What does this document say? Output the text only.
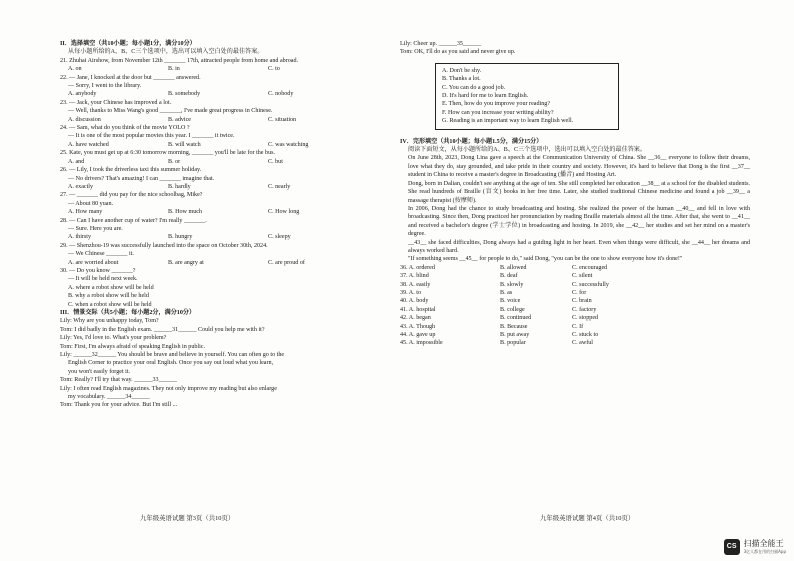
II．选择填空（共10小题；每小题1分，满分10分）
从每小题所给的A、B、C三个选项中，选出可以填入空白处的最佳答案。
21. Zhuhai Airshow, from November 12th _______ 17th, attracted people from home and abroad.
A. on	B. in	C. to
22. — Jane, I knocked at the door but _______ answered.
— Sorry, I went to the library.
A. anybody	B. somebody	C. nobody
23. — Jack, your Chinese has improved a lot.
— Well, thanks to Miss Wang's good _______, I've made great progress in Chinese.
A. discussion	B. advice	C. situation
24. — Sam, what do you think of the movie YOLO ?
— It is one of the most popular movies this year. I _______ it twice.
A. have watched	B. will watch	C. was watching
25. Kate, you must get up at 6:30 tomorrow morning, _______ you'll be late for the bus.
A. and	B. or	C. but
26. — Lily, I took the driverless taxi this summer holiday.
— No drivers? That's amazing! I can _______ imagine that.
A. exactly	B. hardly	C. nearly
27. — _______ did you pay for the nice schoolbag, Mike?
— About 80 yuan.
A. How many	B. How much	C. How long
28. — Can I have another cup of water? I'm really _______.
— Sure. Here you are.
A. thirsty	B. hungry	C. sleepy
29. — Shenzhou-19 was successfully launched into the space on October 30th, 2024.
— We Chinese _______ it.
A. are worried about	B. are angry at	C. are proud of
30. — Do you know _______?
— It will be held next week.
A. where a robot show will be held
B. why a robot show will be held
C. when a robot show will be held
III．情景交际（共5小题；每小题2分，满分10分）
Lily: Why are you unhappy today, Tom?
Tom: I did badly in the English exam. ______31______ Could you help me with it?
Lily: Yes, I'd love to. What's your problem?
Tom: First, I'm always afraid of speaking English in public.
Lily: ______32______ You should be brave and believe in yourself. You can often go to the
English Corner to practice your oral English. Once you say out loud what you learn,
you won't easily forget it.
Tom: Really? I'll try that way. ______33______
Lily: I often read English magazines. They not only improve my reading but also enlarge
my vocabulary. ______34______
Tom: Thank you for your advice. But I'm still ...
九年级英语试题 第3页（共10页）
Lily: Cheer up. ______35______
Tom: OK, I'll do as you said and never give up.
A. Don't be shy.
B. Thanks a lot.
C. You can do a good job.
D. It's hard for me to learn English.
E. Then, how do you improve your reading?
F. How can you increase your writing ability?
G. Reading is an important way to learn English well.
IV．完形填空（共10小题；每小题1.5分，满分15分）
阅读下面短文，从每小题所给的A、B、C三个选项中，选出可以填入空白处的最佳答案。
On June 28th, 2023, Dong Lina gave a speech at the Communication University of China. She __36__ everyone to follow their dreams, love what they do, stay grounded, and take pride in their country and society. However, it's hard to believe that Dong is the first __37__ student in China to receive a master's degree in Broadcasting (播音) and Hosting Art.
Dong, born in Dalian, couldn't see anything at the age of ten. She still completed her education __38__ at a school for the disabled students. She read hundreds of Braille (盲文) books in her free time. Later, she studied traditional Chinese medicine and found a job __39__ a massage therapist (按摩师).
In 2006, Dong had the chance to study broadcasting and hosting. She realized the power of the human __40__ and fell in love with broadcasting. Since then, Dong practiced her pronunciation by reading Braille materials almost all the time. After that, she went to __41__ and received a bachelor's degree (学士学位) in broadcasting and hosting. In 2019, she __42__ her studies and set her mind on a master's degree.
__43__ she faced difficulties, Dong always had a guiding light in her heart. Even when things were difficult, she __44__ her dreams and always worked hard.
"If something seems __45__ for people to do," said Dong, "you can be the one to show everyone how it's done!"
36. A. ordered	B. allowed	C. encouraged
37. A. blind	B. deaf	C. silent
38. A. easily	B. slowly	C. successfully
39. A. to	B. as	C. for
40. A. body	B. voice	C. brain
41. A. hospital	B. college	C. factory
42. A. began	B. continued	C. stopped
43. A. Though	B. Because	C. If
44. A. gave up	B. put away	C. stuck to
45. A. impossible	B. popular	C. awful
九年级英语试题 第4页（共10页）
CS 扫描全能王
3亿人都在用的扫描App
